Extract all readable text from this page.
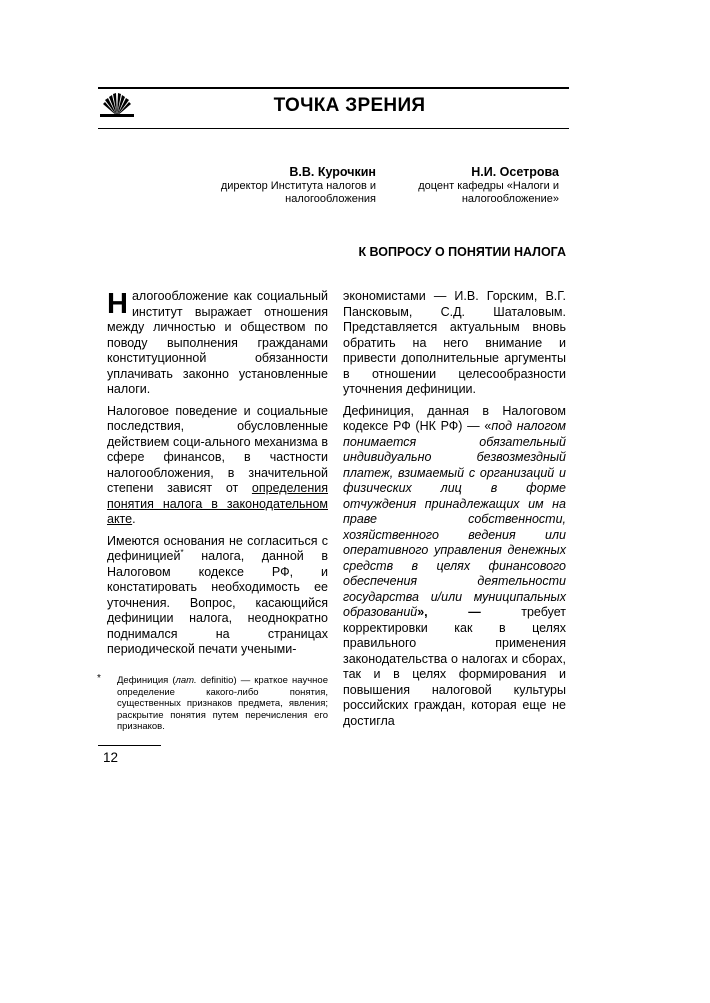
ТОЧКА ЗРЕНИЯ
В.В. Курочкин
директор Института налогов и налогообложения
Н.И. Осетрова
доцент кафедры «Налоги и налогообложение»
К ВОПРОСУ О ПОНЯТИИ НАЛОГА

Налогообложение как социальный институт выражает отношения между личностью и обществом по поводу выполнения гражданами конституционной обязанности уплачивать законно установленные налоги.

Налоговое поведение и социальные последствия, обусловленные действием соци-ального механизма в сфере финансов, в частности налогообложения, в значительной степени зависят от определения понятия налога в законодательном акте.

Имеются основания не согласиться с дефиницией* налога, данной в Налоговом кодексе РФ, и констатировать необходимость ее уточнения. Вопрос, касающийся дефиниции налога, неоднократно поднимался на страницах периодической печати учеными-

экономистами — И.В. Горским, В.Г. Пансковым, С.Д. Шаталовым. Представляется актуальным вновь обратить на него внимание и привести дополнительные аргументы в отношении целесообразности уточнения дефиниции.

Дефиниция, данная в Налоговом кодексе РФ (НК РФ) — «под налогом понимается обязательный индивидуально безвозмездный платеж, взимаемый с организаций и физических лиц в форме отчуждения принадлежащих им на праве собственности, хозяйственного ведения или оперативного управления денежных средств в целях финансового обеспечения деятельности государства и/или муниципальных образований», — требует корректировки как в целях правильного применения законодательства о налогах и сборах, так и в целях формирования и повышения налоговой культуры российских граждан, которая еще не достигла

*	Дефиниция (лат. definitio) — краткое научное определение какого-либо понятия, существенных признаков предмета, явления; раскрытие понятия путем перечисления его признаков.
12
